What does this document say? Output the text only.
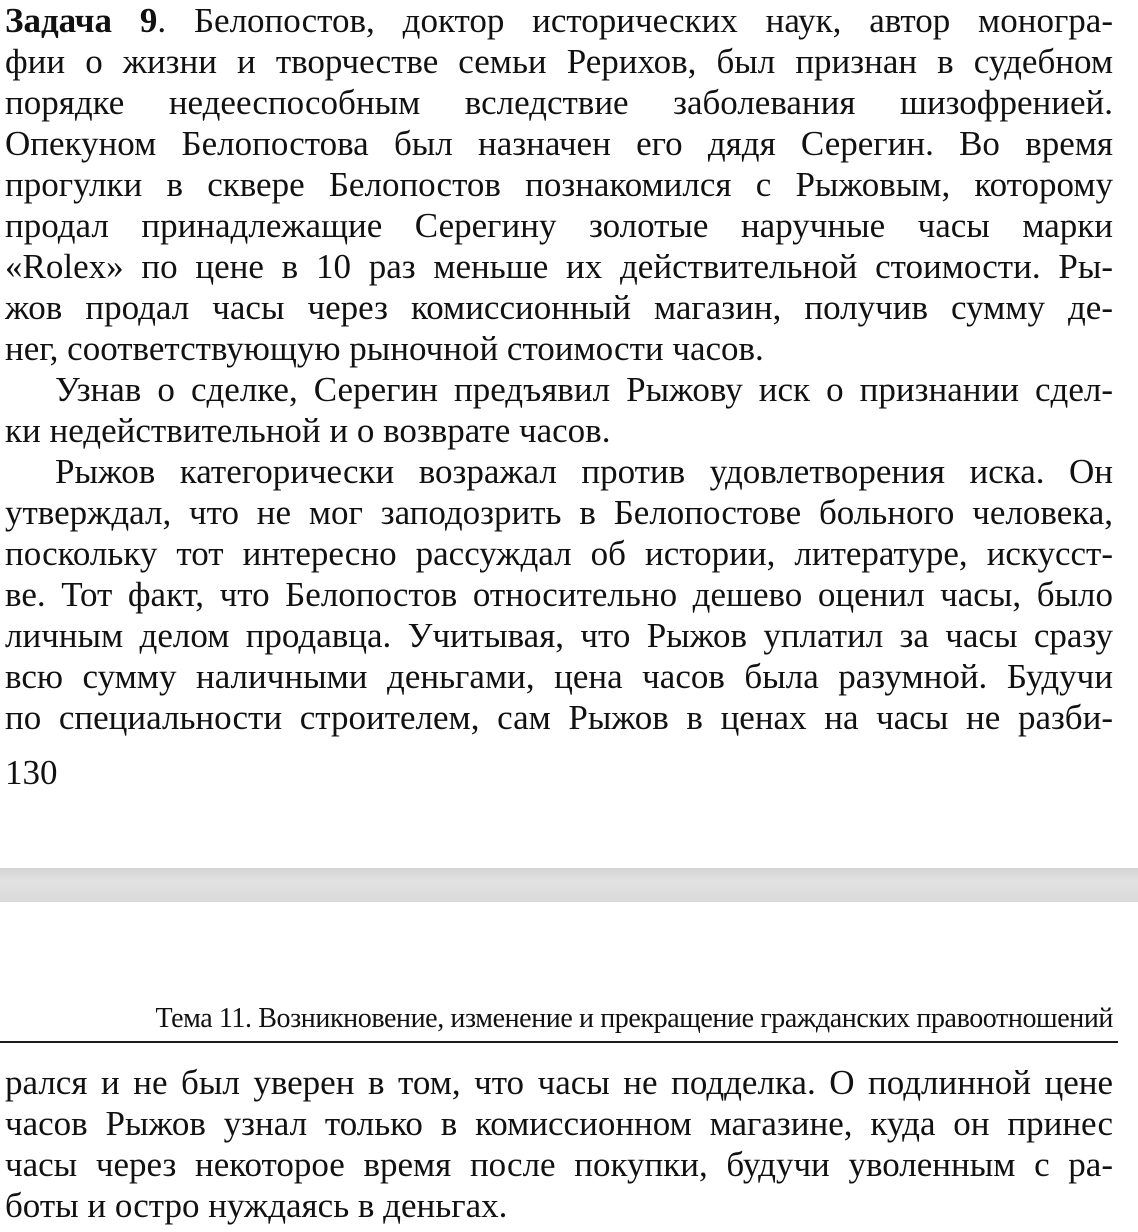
Задача 9. Белопостов, доктор исторических наук, автор моногра-
фии о жизни и творчестве семьи Рерихов, был признан в судебном
порядке недееспособным вследствие заболевания шизофренией.
Опекуном Белопостова был назначен его дядя Серегин. Во время
прогулки в сквере Белопостов познакомился с Рыжовым, которому
продал принадлежащие Серегину золотые наручные часы марки
«Rolex» по цене в 10 раз меньше их действительной стоимости. Ры-
жов продал часы через комиссионный магазин, получив сумму де-
нег, соответствующую рыночной стоимости часов.
Узнав о сделке, Серегин предъявил Рыжову иск о признании сдел-
ки недействительной и о возврате часов.
Рыжов категорически возражал против удовлетворения иска. Он
утверждал, что не мог заподозрить в Белопостове больного человека,
поскольку тот интересно рассуждал об истории, литературе, искусст-
ве. Тот факт, что Белопостов относительно дешево оценил часы, было
личным делом продавца. Учитывая, что Рыжов уплатил за часы сразу
всю сумму наличными деньгами, цена часов была разумной. Будучи
по специальности строителем, сам Рыжов в ценах на часы не разби-
130
Тема 11. Возникновение, изменение и прекращение гражданских правоотношений
рался и не был уверен в том, что часы не подделка. О подлинной цене
часов Рыжов узнал только в комиссионном магазине, куда он принес
часы через некоторое время после покупки, будучи уволенным с ра-
боты и остро нуждаясь в деньгах.
